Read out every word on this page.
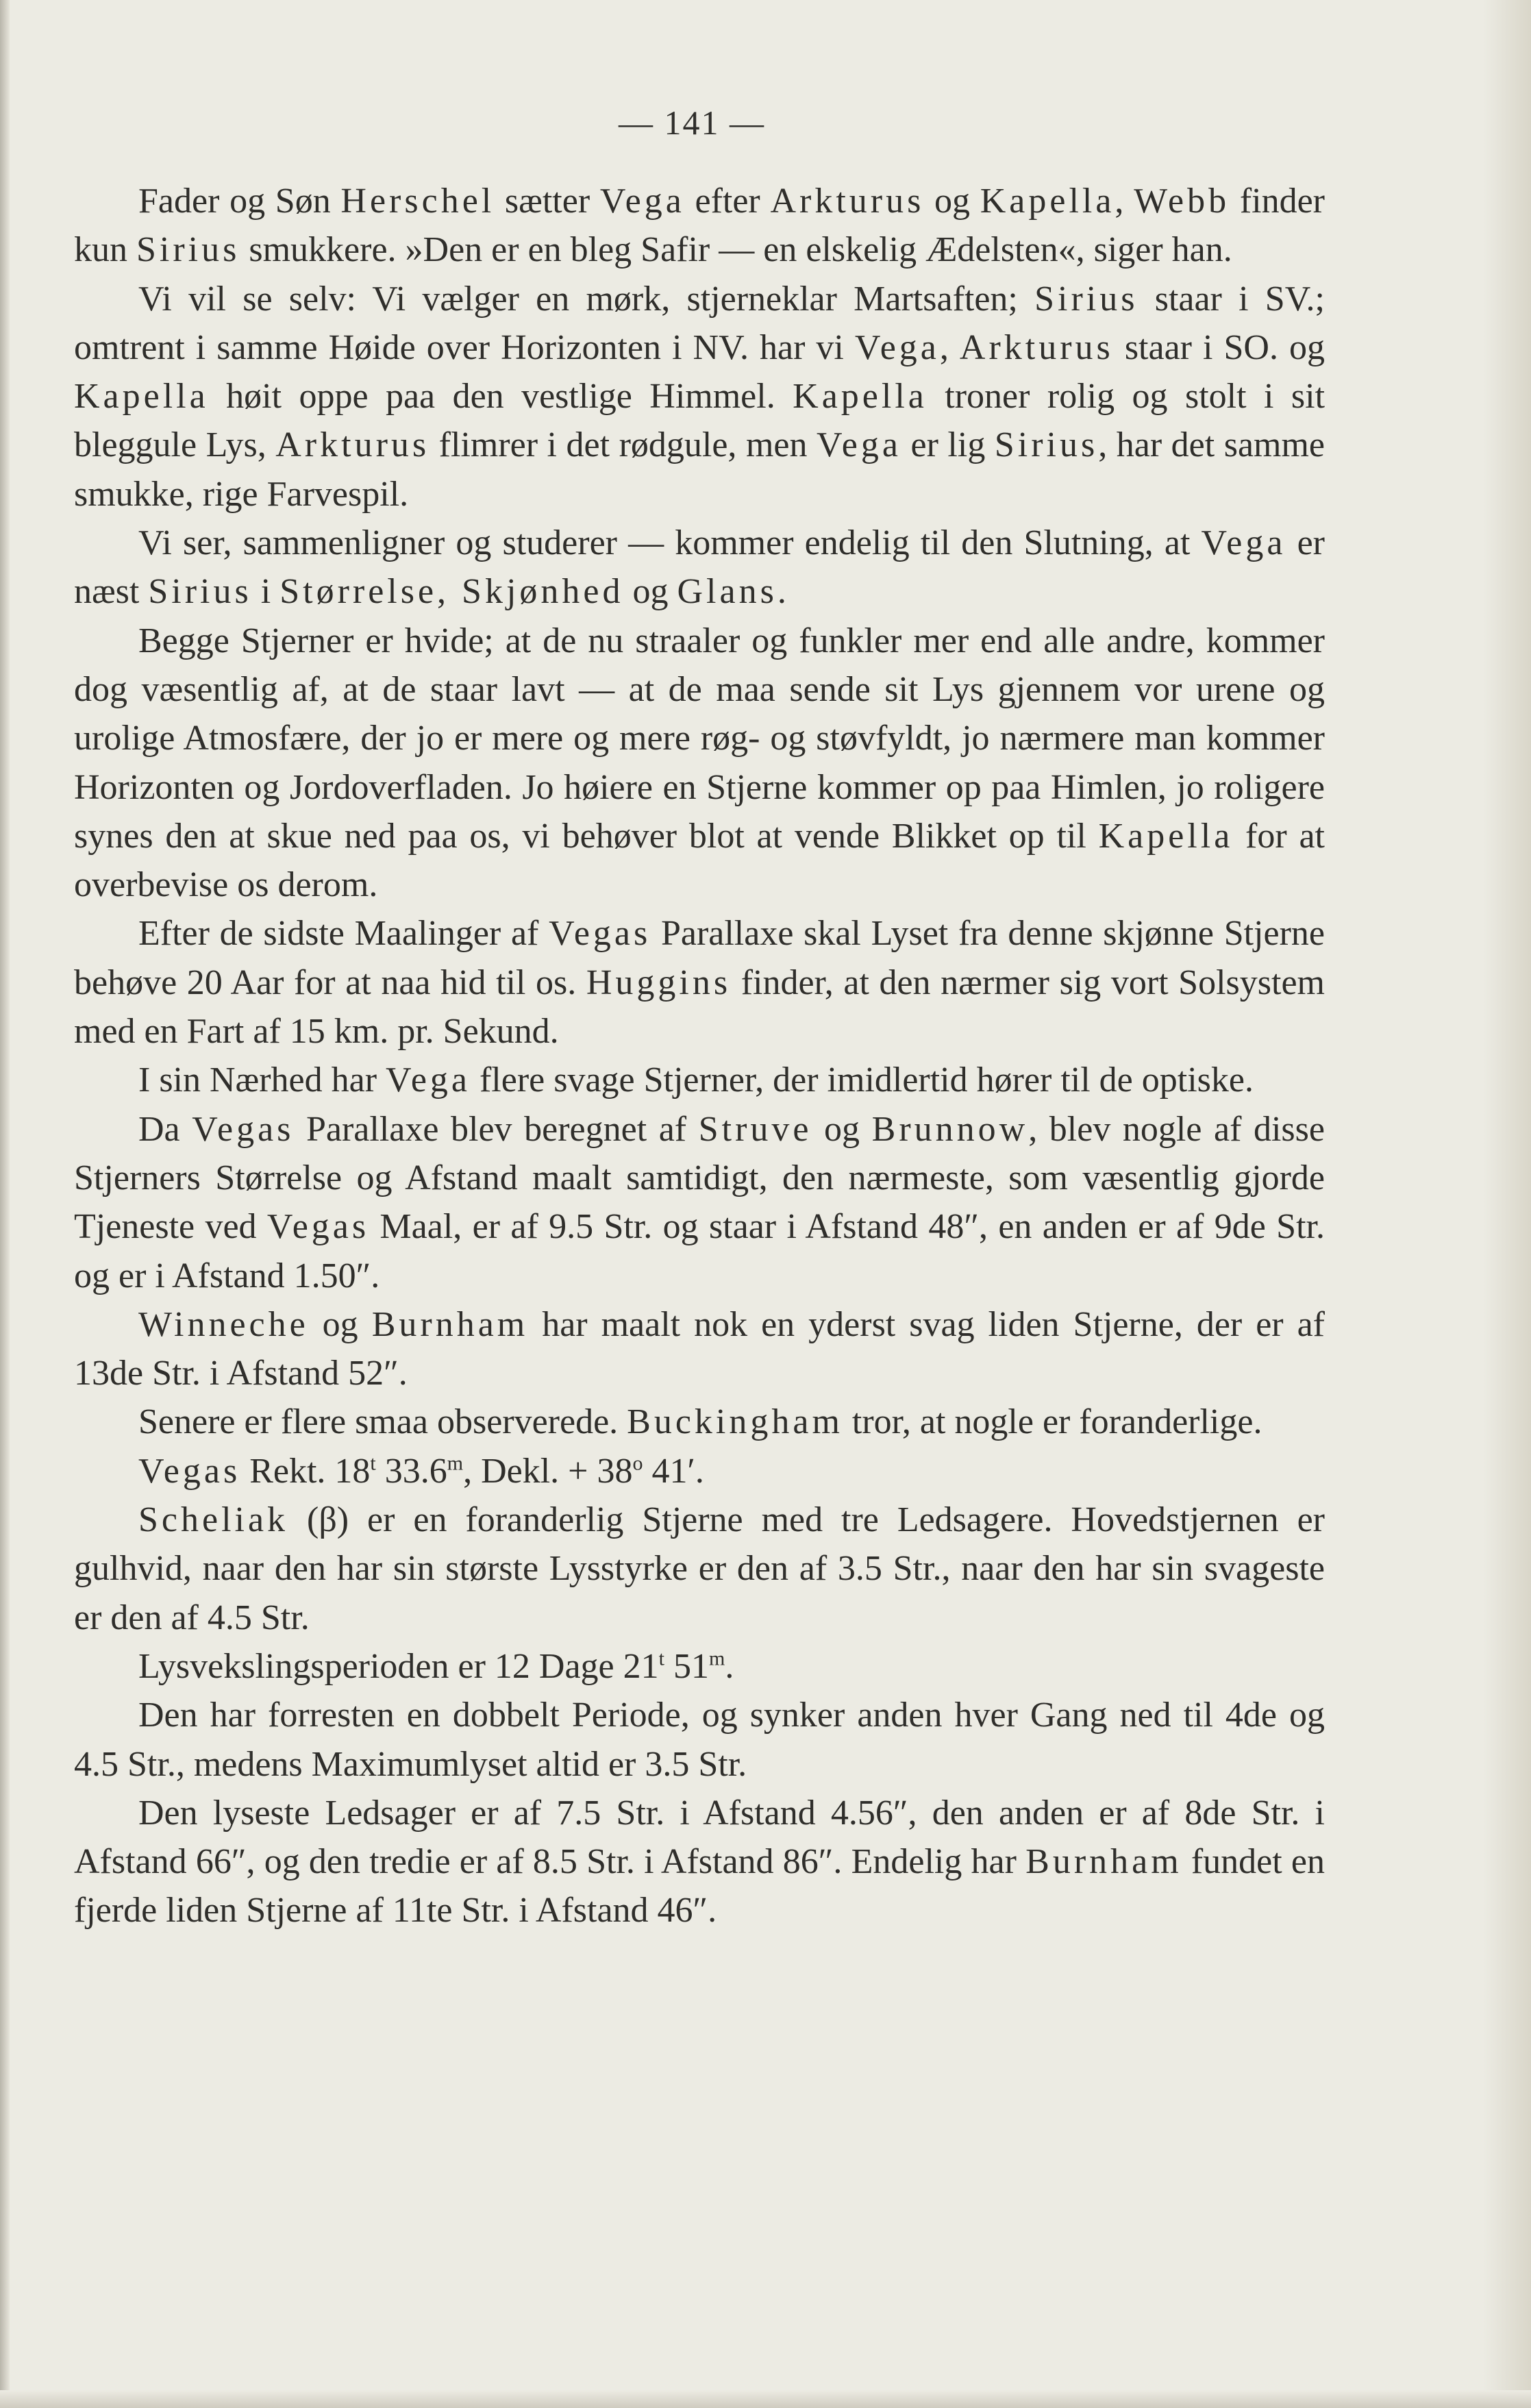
— 141 —

Fader og Søn Herschel sætter Vega efter Arkturus og Kapella, Webb finder kun Sirius smukkere. »Den er en bleg Safir — en elskelig Ædelsten«, siger han.

Vi vil se selv: Vi vælger en mørk, stjerneklar Martsaften; Sirius staar i SV.; omtrent i samme Høide over Horizonten i NV. har vi Vega, Arkturus staar i SO. og Kapella høit oppe paa den vestlige Himmel. Kapella troner rolig og stolt i sit bleggule Lys, Arkturus flimrer i det rødgule, men Vega er lig Sirius, har det samme smukke, rige Farvespil.

Vi ser, sammenligner og studerer — kommer endelig til den Slutning, at Vega er næst Sirius i Størrelse, Skjønhed og Glans.

Begge Stjerner er hvide; at de nu straaler og funkler mer end alle andre, kommer dog væsentlig af, at de staar lavt — at de maa sende sit Lys gjennem vor urene og urolige Atmosfære, der jo er mere og mere røg- og støvfyldt, jo nærmere man kommer Horizonten og Jordoverfladen. Jo høiere en Stjerne kommer op paa Himlen, jo roligere synes den at skue ned paa os, vi behøver blot at vende Blikket op til Kapella for at overbevise os derom.

Efter de sidste Maalinger af Vegas Parallaxe skal Lyset fra denne skjønne Stjerne behøve 20 Aar for at naa hid til os. Huggins finder, at den nærmer sig vort Solsystem med en Fart af 15 km. pr. Sekund.

I sin Nærhed har Vega flere svage Stjerner, der imidlertid hører til de optiske.

Da Vegas Parallaxe blev beregnet af Struve og Brunnow, blev nogle af disse Stjerners Størrelse og Afstand maalt samtidigt, den nærmeste, som væsentlig gjorde Tjeneste ved Vegas Maal, er af 9.5 Str. og staar i Afstand 48″, en anden er af 9de Str. og er i Afstand 1.50″.

Winneche og Burnham har maalt nok en yderst svag liden Stjerne, der er af 13de Str. i Afstand 52″.

Senere er flere smaa observerede. Buckingham tror, at nogle er foranderlige.

Vegas Rekt. 18$^t$ 33.6$^m$, Dekl. + $38^o$ 41′.

Scheliak (β) er en foranderlig Stjerne med tre Ledsagere. Hovedstjernen er gulhvid, naar den har sin største Lysstyrke er den af 3.5 Str., naar den har sin svageste er den af 4.5 Str.

Lysvekslingsperioden er 12 Dage 21$^t$ 51$^m$.

Den har forresten en dobbelt Periode, og synker anden hver Gang ned til 4de og 4.5 Str., medens Maximumlyset altid er 3.5 Str.

Den lyseste Ledsager er af 7.5 Str. i Afstand 4.56″, den anden er af 8de Str. i Afstand 66″, og den tredie er af 8.5 Str. i Afstand 86″. Endelig har Burnham fundet en fjerde liden Stjerne af 11te Str. i Afstand 46″.
